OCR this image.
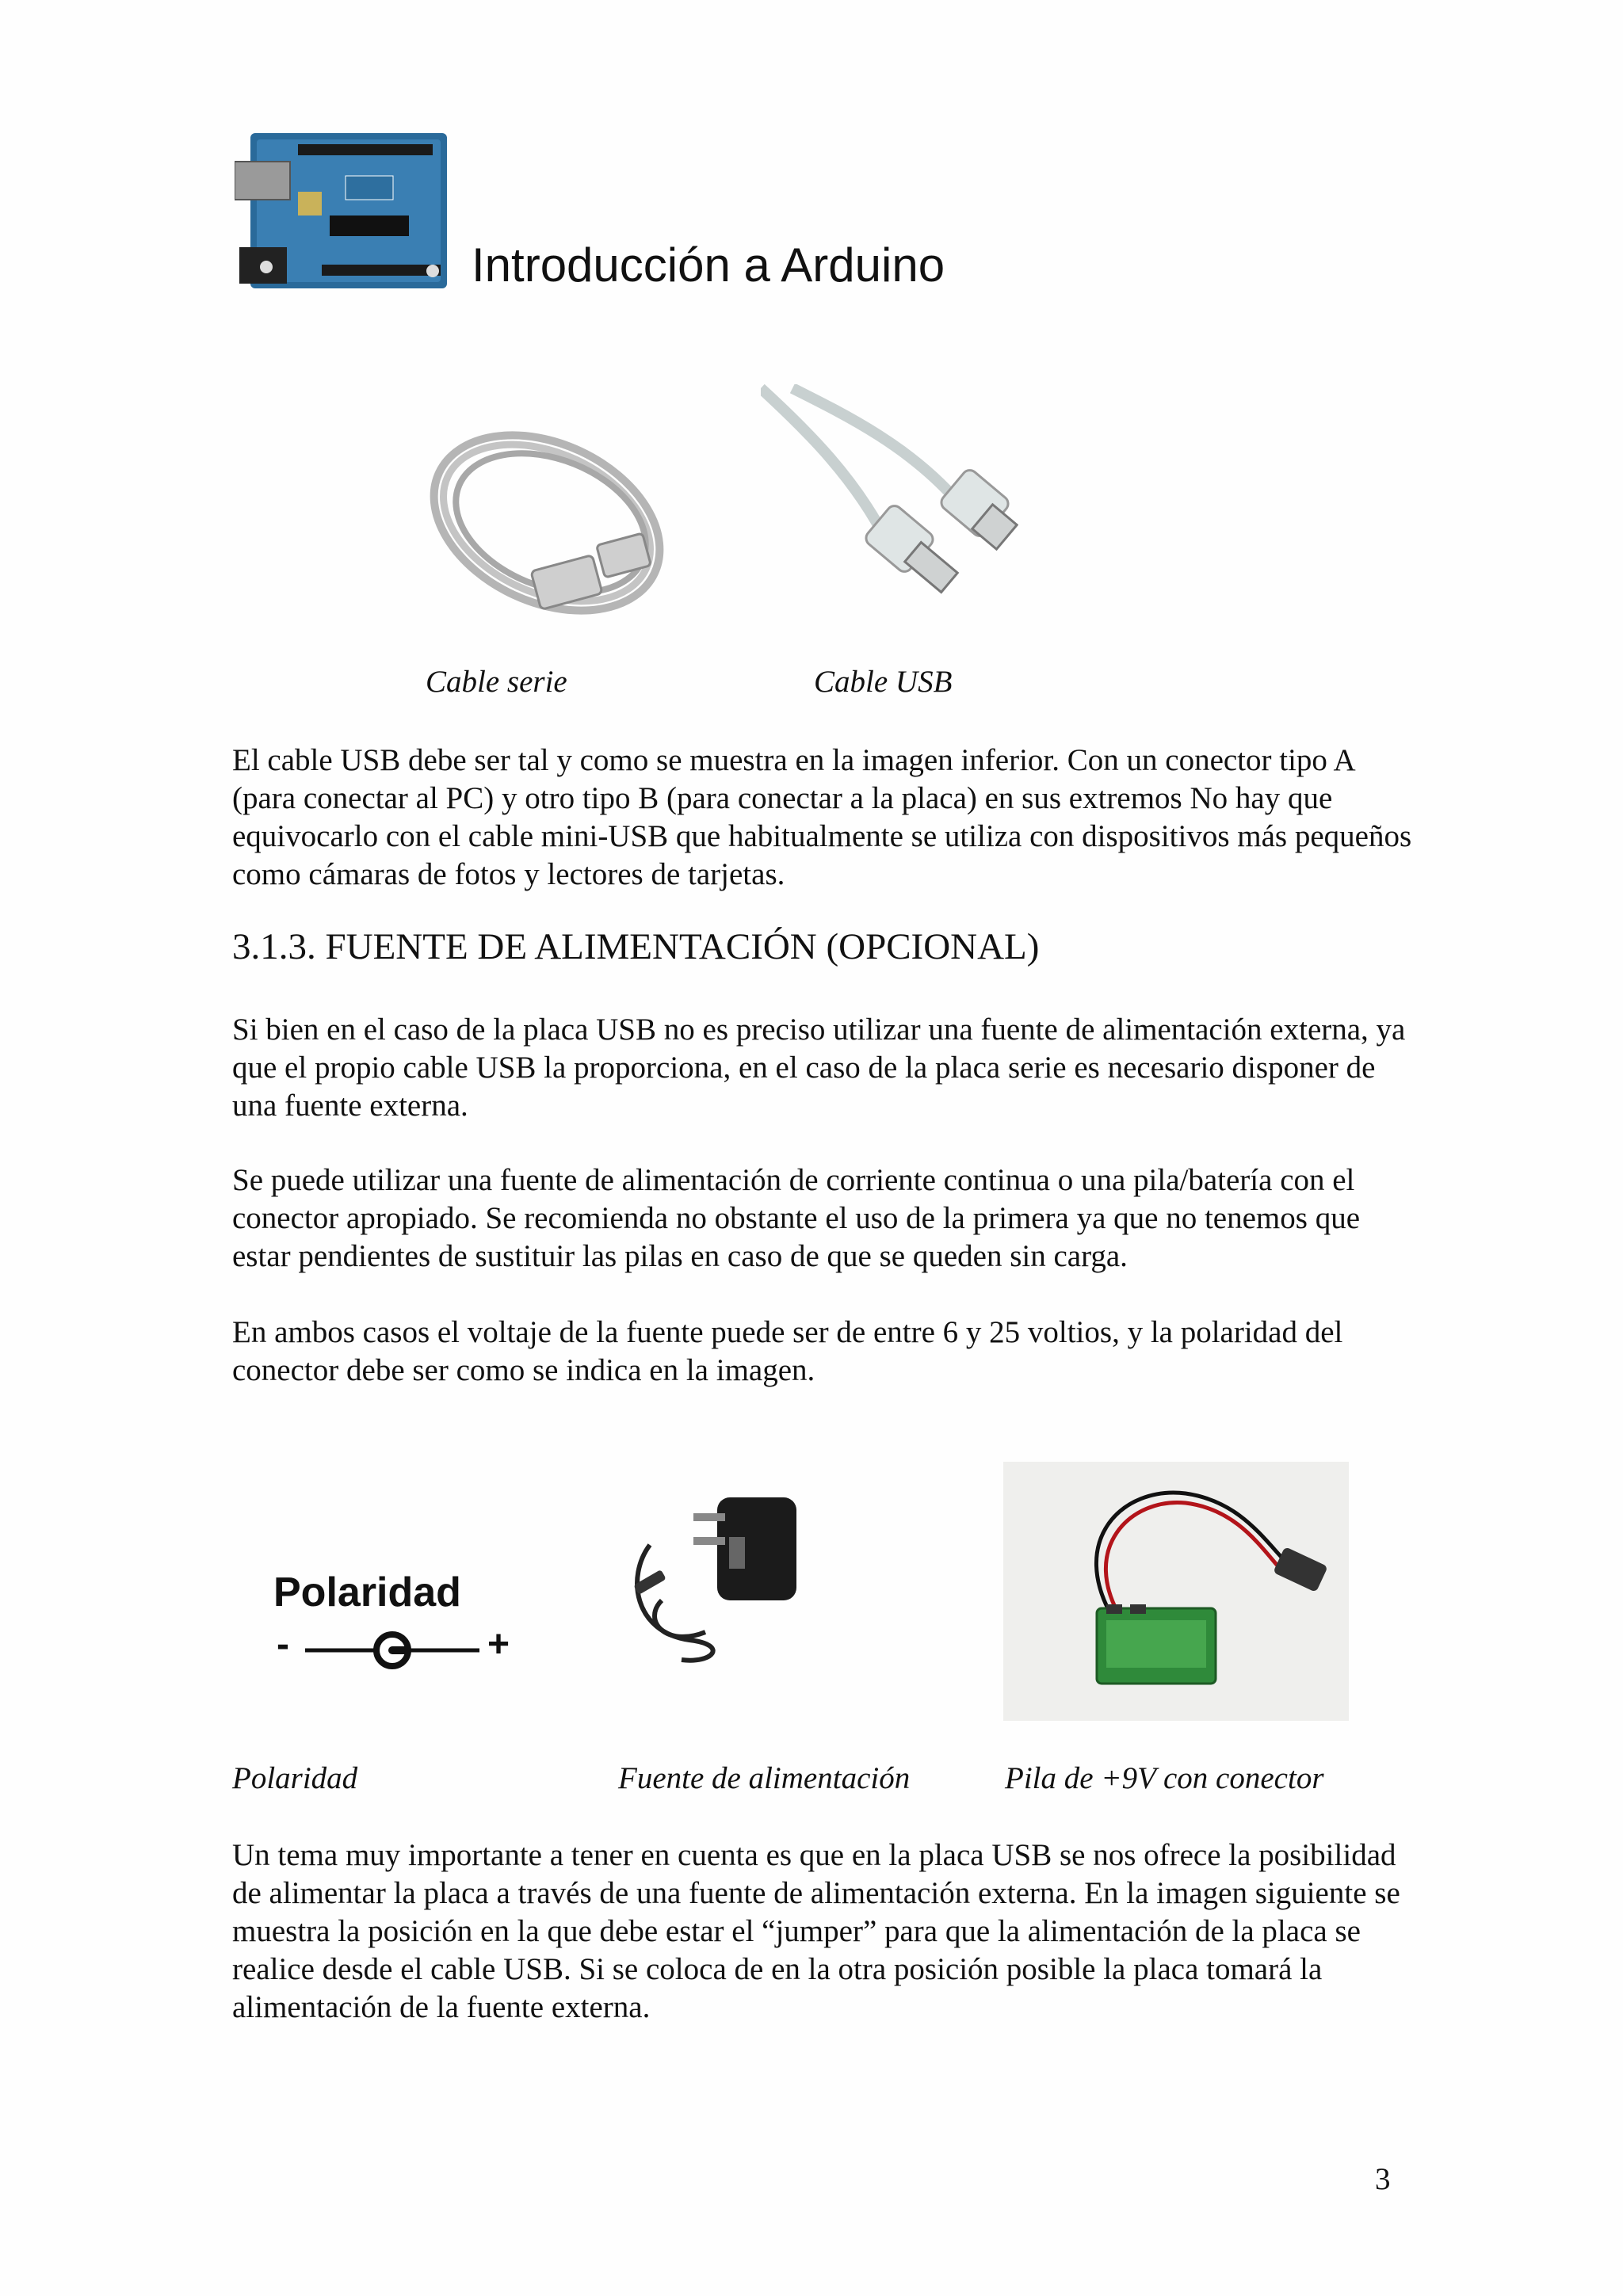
Introducción a Arduino
Cable serie	Cable USB

El cable USB debe ser tal y como se muestra en la imagen inferior. Con un conector tipo A (para conectar al PC) y otro tipo B (para conectar a la placa) en sus extremos No hay que equivocarlo con el cable mini-USB que habitualmente se utiliza con dispositivos más pequeños como cámaras de fotos y lectores de tarjetas.

3.1.3. FUENTE DE ALIMENTACIÓN (OPCIONAL)

Si bien en el caso de la placa USB no es preciso utilizar una fuente de alimentación externa, ya que el propio cable USB la proporciona, en el caso de la placa serie es necesario disponer de una fuente externa.

Se puede utilizar una fuente de alimentación de corriente continua o una pila/batería con el conector apropiado. Se recomienda no obstante el uso de la primera ya que no tenemos que estar pendientes de sustituir las pilas en caso de que se queden sin carga.

En ambos casos el voltaje de la fuente puede ser de entre 6 y 25 voltios, y la polaridad del conector debe ser como se indica en la imagen.

Polaridad
-	+
Polaridad	Fuente de alimentación	Pila de +9V con conector

Un tema muy importante a tener en cuenta es que en la placa USB se nos ofrece la posibilidad de alimentar la placa a través de una fuente de alimentación externa. En la imagen siguiente se muestra la posición en la que debe estar el “jumper” para que la alimentación de la placa se realice desde el cable USB. Si se coloca de en la otra posición posible la placa tomará la alimentación de la fuente externa.

3
